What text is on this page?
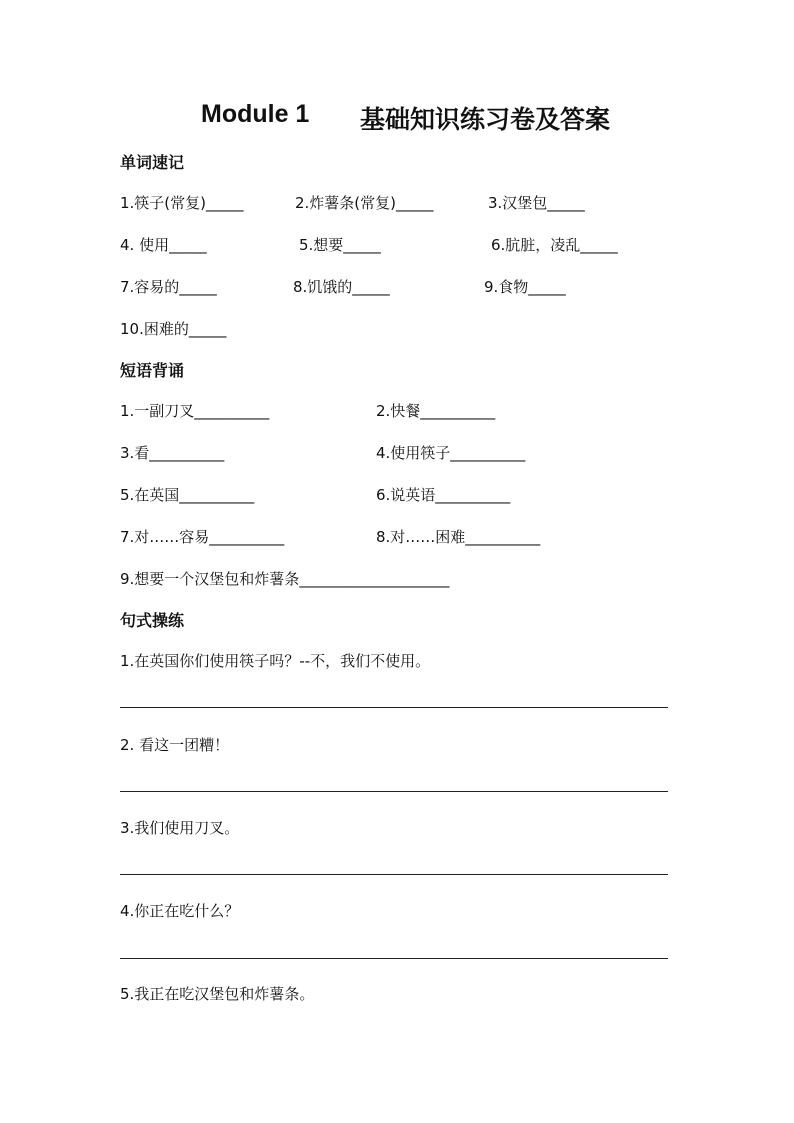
Module 1 基础知识练习卷及答案
单词速记
1.筷子(常复)_____	2.炸薯条(常复)_____	3.汉堡包_____
4. 使用_____	5.想要_____	6.肮脏，凌乱_____
7.容易的_____	8.饥饿的_____	9.食物_____
10.困难的_____
短语背诵
1.一副刀叉__________	2.快餐__________
3.看__________	4.使用筷子__________
5.在英国__________	6.说英语__________
7.对……容易__________	8.对……困难__________
9.想要一个汉堡包和炸薯条____________________
句式操练
1.在英国你们使用筷子吗？--不，我们不使用。
2. 看这一团糟！
3.我们使用刀叉。
4.你正在吃什么？
5.我正在吃汉堡包和炸薯条。
